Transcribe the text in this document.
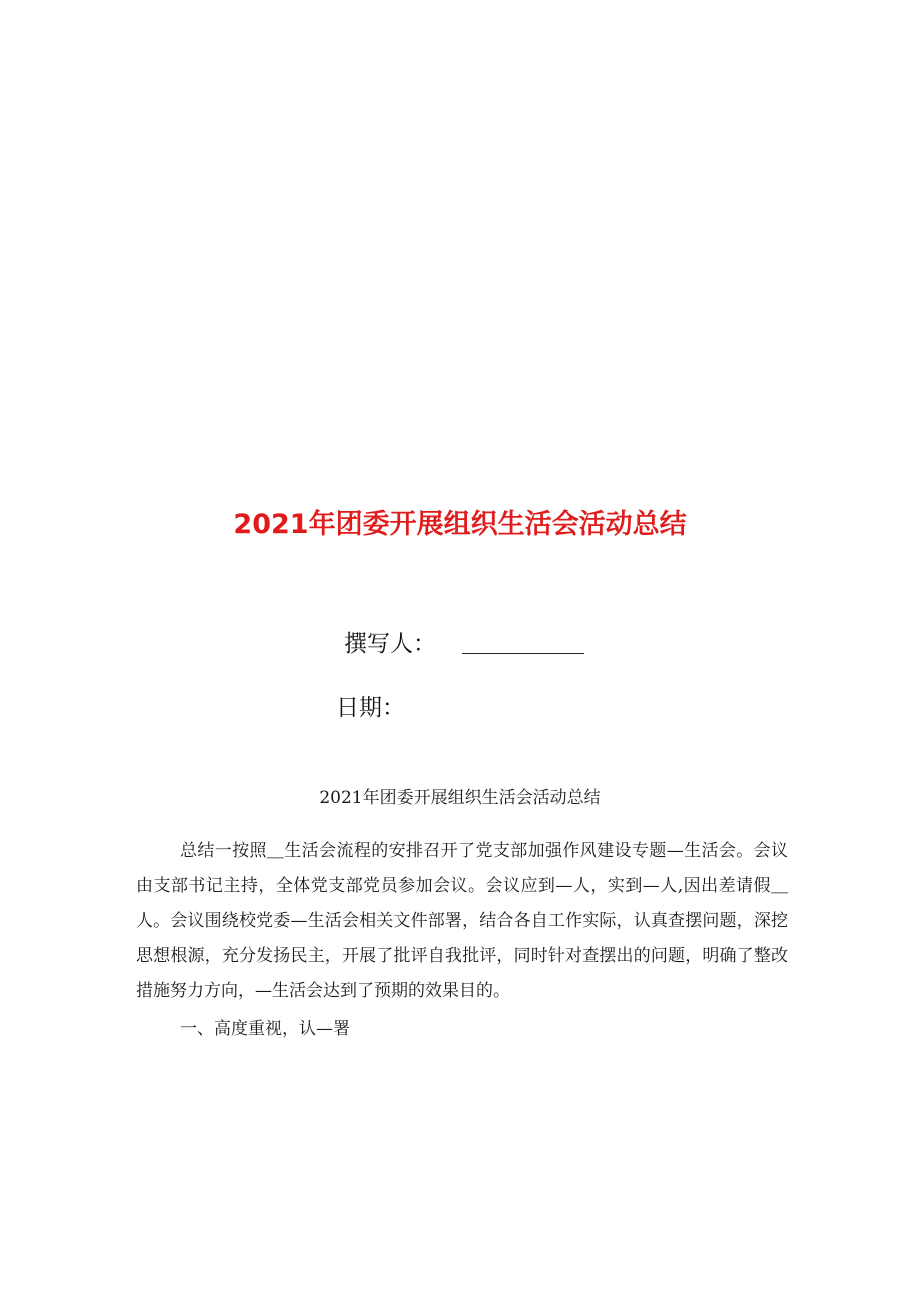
2021年团委开展组织生活会活动总结
撰写人：
日期：
2021年团委开展组织生活会活动总结

总结一按照＿生活会流程的安排召开了党支部加强作风建设专题—生活会。会议由支部书记主持，全体党支部党员参加会议。会议应到—人，实到—人,因出差请假＿人。会议围绕校党委—生活会相关文件部署，结合各自工作实际，认真查摆问题，深挖思想根源，充分发扬民主，开展了批评自我批评，同时针对查摆出的问题，明确了整改措施努力方向，—生活会达到了预期的效果目的。

一、高度重视，认—署
